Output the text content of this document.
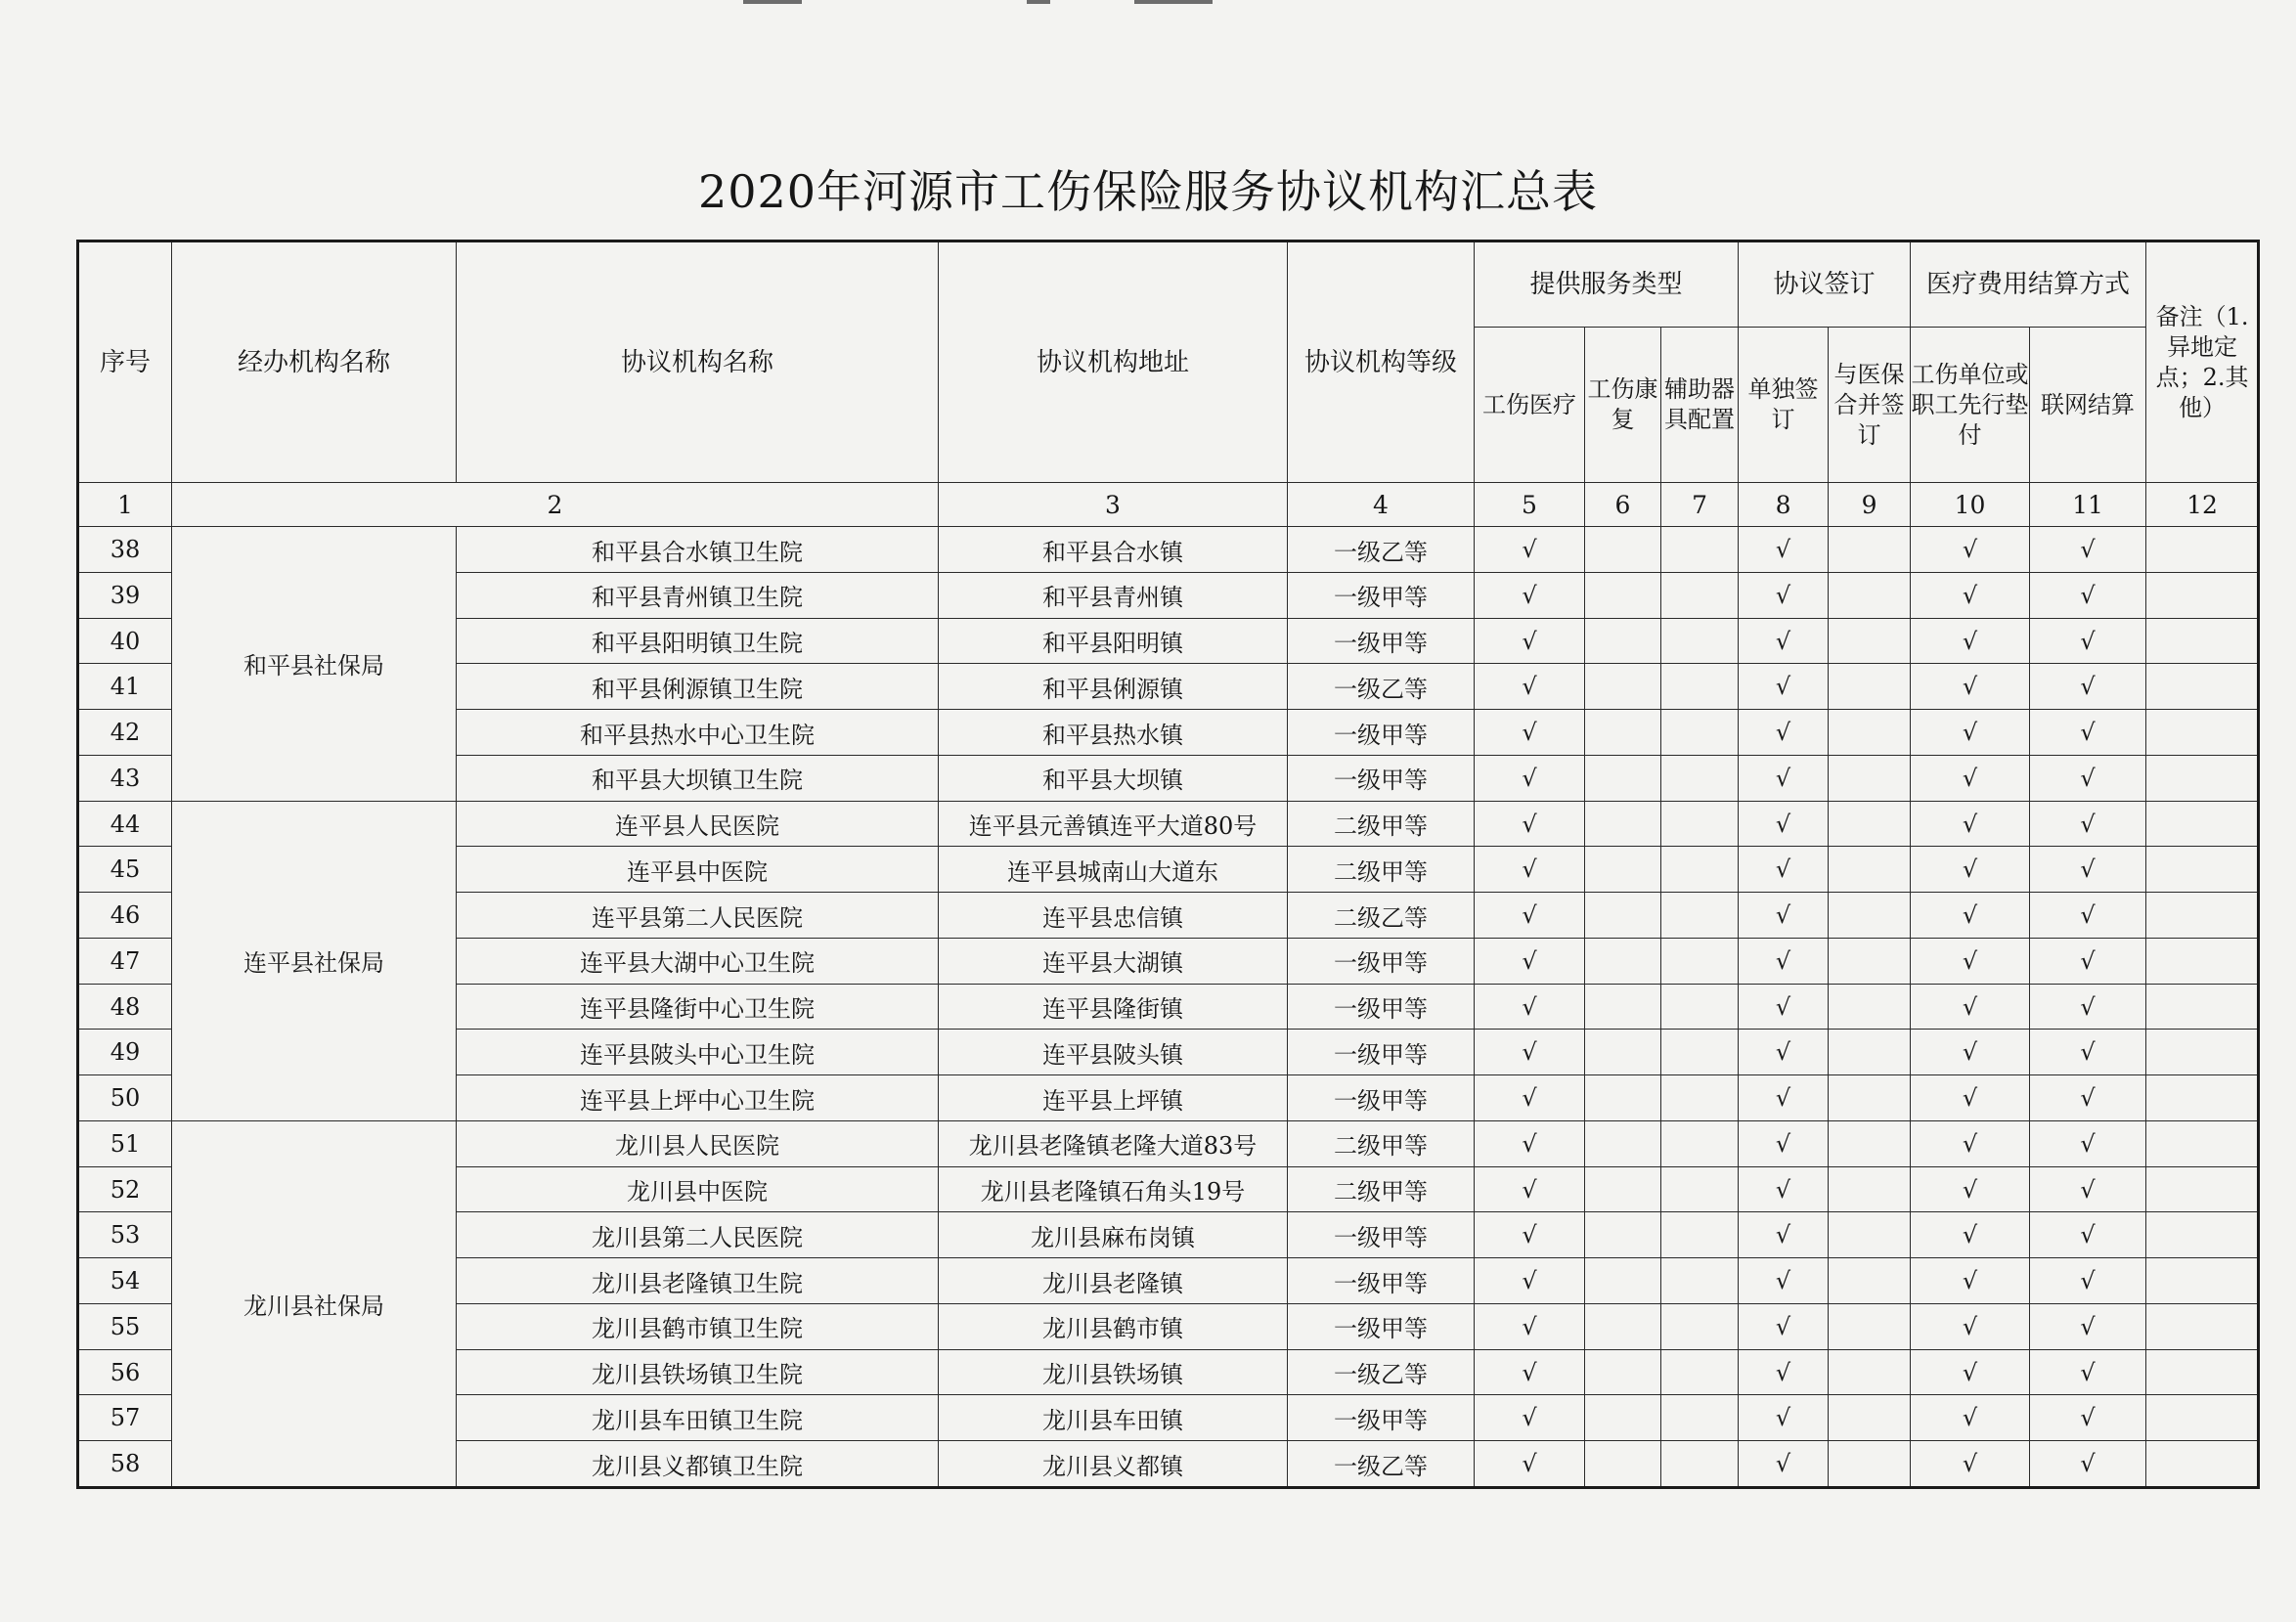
2020年河源市工伤保险服务协议机构汇总表
序号	经办机构名称	协议机构名称	协议机构地址	协议机构等级	提供服务类型			协议签订		医疗费用结算方式		备注（1.异地定点；2.其他）	
					工伤医疗	工伤康复	辅助器具配置	单独签订	与医保合并签订	工伤单位或职工先行垫付	联网结算		
1	2		3	4	5	6	7	8	9	10	11	12	
38	和平县社保局	和平县合水镇卫生院	和平县合水镇	一级乙等	√			√		√	√		
39		和平县青州镇卫生院	和平县青州镇	一级甲等	√			√		√	√		
40		和平县阳明镇卫生院	和平县阳明镇	一级甲等	√			√		√	√		
41		和平县俐源镇卫生院	和平县俐源镇	一级乙等	√			√		√	√		
42		和平县热水中心卫生院	和平县热水镇	一级甲等	√			√		√	√		
43		和平县大坝镇卫生院	和平县大坝镇	一级甲等	√			√		√	√		
44	连平县社保局	连平县人民医院	连平县元善镇连平大道80号	二级甲等	√			√		√	√		
45		连平县中医院	连平县城南山大道东	二级甲等	√			√		√	√		
46		连平县第二人民医院	连平县忠信镇	二级乙等	√			√		√	√		
47		连平县大湖中心卫生院	连平县大湖镇	一级甲等	√			√		√	√		
48		连平县隆街中心卫生院	连平县隆街镇	一级甲等	√			√		√	√		
49		连平县陂头中心卫生院	连平县陂头镇	一级甲等	√			√		√	√		
50		连平县上坪中心卫生院	连平县上坪镇	一级甲等	√			√		√	√		
51	龙川县社保局	龙川县人民医院	龙川县老隆镇老隆大道83号	二级甲等	√			√		√	√		
52		龙川县中医院	龙川县老隆镇石角头19号	二级甲等	√			√		√	√		
53		龙川县第二人民医院	龙川县麻布岗镇	一级甲等	√			√		√	√		
54		龙川县老隆镇卫生院	龙川县老隆镇	一级甲等	√			√		√	√		
55		龙川县鹤市镇卫生院	龙川县鹤市镇	一级甲等	√			√		√	√		
56		龙川县铁场镇卫生院	龙川县铁场镇	一级乙等	√			√		√	√		
57		龙川县车田镇卫生院	龙川县车田镇	一级甲等	√			√		√	√		
58		龙川县义都镇卫生院	龙川县义都镇	一级乙等	√			√		√	√		
